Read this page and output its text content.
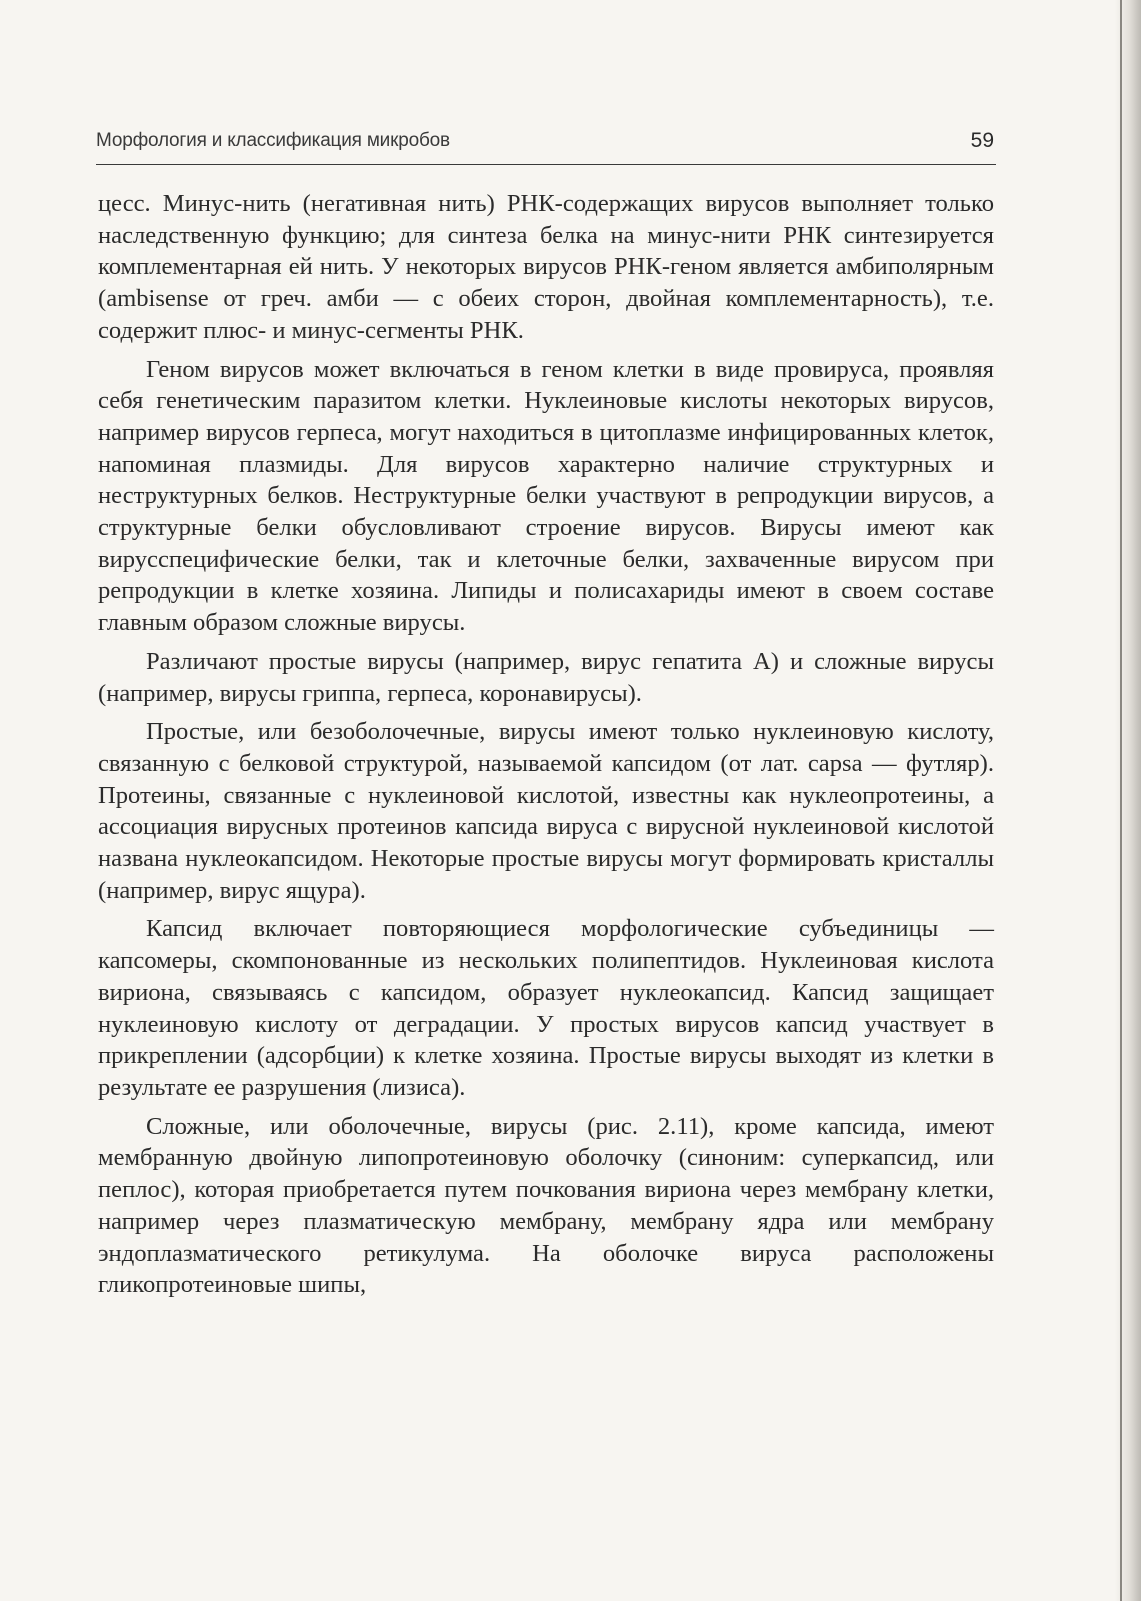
Морфология и классификация микробов	59

цесс. Минус-нить (негативная нить) РНК-содержащих вирусов выполняет только наследственную функцию; для синтеза белка на минус-нити РНК синтезируется комплементарная ей нить. У некоторых вирусов РНК-геном является амбиполярным (ambisense от греч. амби — с обеих сторон, двойная комплементарность), т.е. содержит плюс- и минус-сегменты РНК.

Геном вирусов может включаться в геном клетки в виде провируса, проявляя себя генетическим паразитом клетки. Нуклеиновые кислоты некоторых вирусов, например вирусов герпеса, могут находиться в цитоплазме инфицированных клеток, напоминая плазмиды. Для вирусов характерно наличие структурных и неструктурных белков. Неструктурные белки участвуют в репродукции вирусов, а структурные белки обусловливают строение вирусов. Вирусы имеют как вирусспецифические белки, так и клеточные белки, захваченные вирусом при репродукции в клетке хозяина. Липиды и полисахариды имеют в своем составе главным образом сложные вирусы.

Различают простые вирусы (например, вирус гепатита А) и сложные вирусы (например, вирусы гриппа, герпеса, коронавирусы).

Простые, или безоболочечные, вирусы имеют только нуклеиновую кислоту, связанную с белковой структурой, называемой капсидом (от лат. capsa — футляр). Протеины, связанные с нуклеиновой кислотой, известны как нуклеопротеины, а ассоциация вирусных протеинов капсида вируса с вирусной нуклеиновой кислотой названа нуклеокапсидом. Некоторые простые вирусы могут формировать кристаллы (например, вирус ящура).

Капсид включает повторяющиеся морфологические субъединицы — капсомеры, скомпонованные из нескольких полипептидов. Нуклеиновая кислота вириона, связываясь с капсидом, образует нуклеокапсид. Капсид защищает нуклеиновую кислоту от деградации. У простых вирусов капсид участвует в прикреплении (адсорбции) к клетке хозяина. Простые вирусы выходят из клетки в результате ее разрушения (лизиса).

Сложные, или оболочечные, вирусы (рис. 2.11), кроме капсида, имеют мембранную двойную липопротеиновую оболочку (синоним: суперкапсид, или пеплос), которая приобретается путем почкования вириона через мембрану клетки, например через плазматическую мембрану, мембрану ядра или мембрану эндоплазматического ретикулума. На оболочке вируса расположены гликопротеиновые шипы,
